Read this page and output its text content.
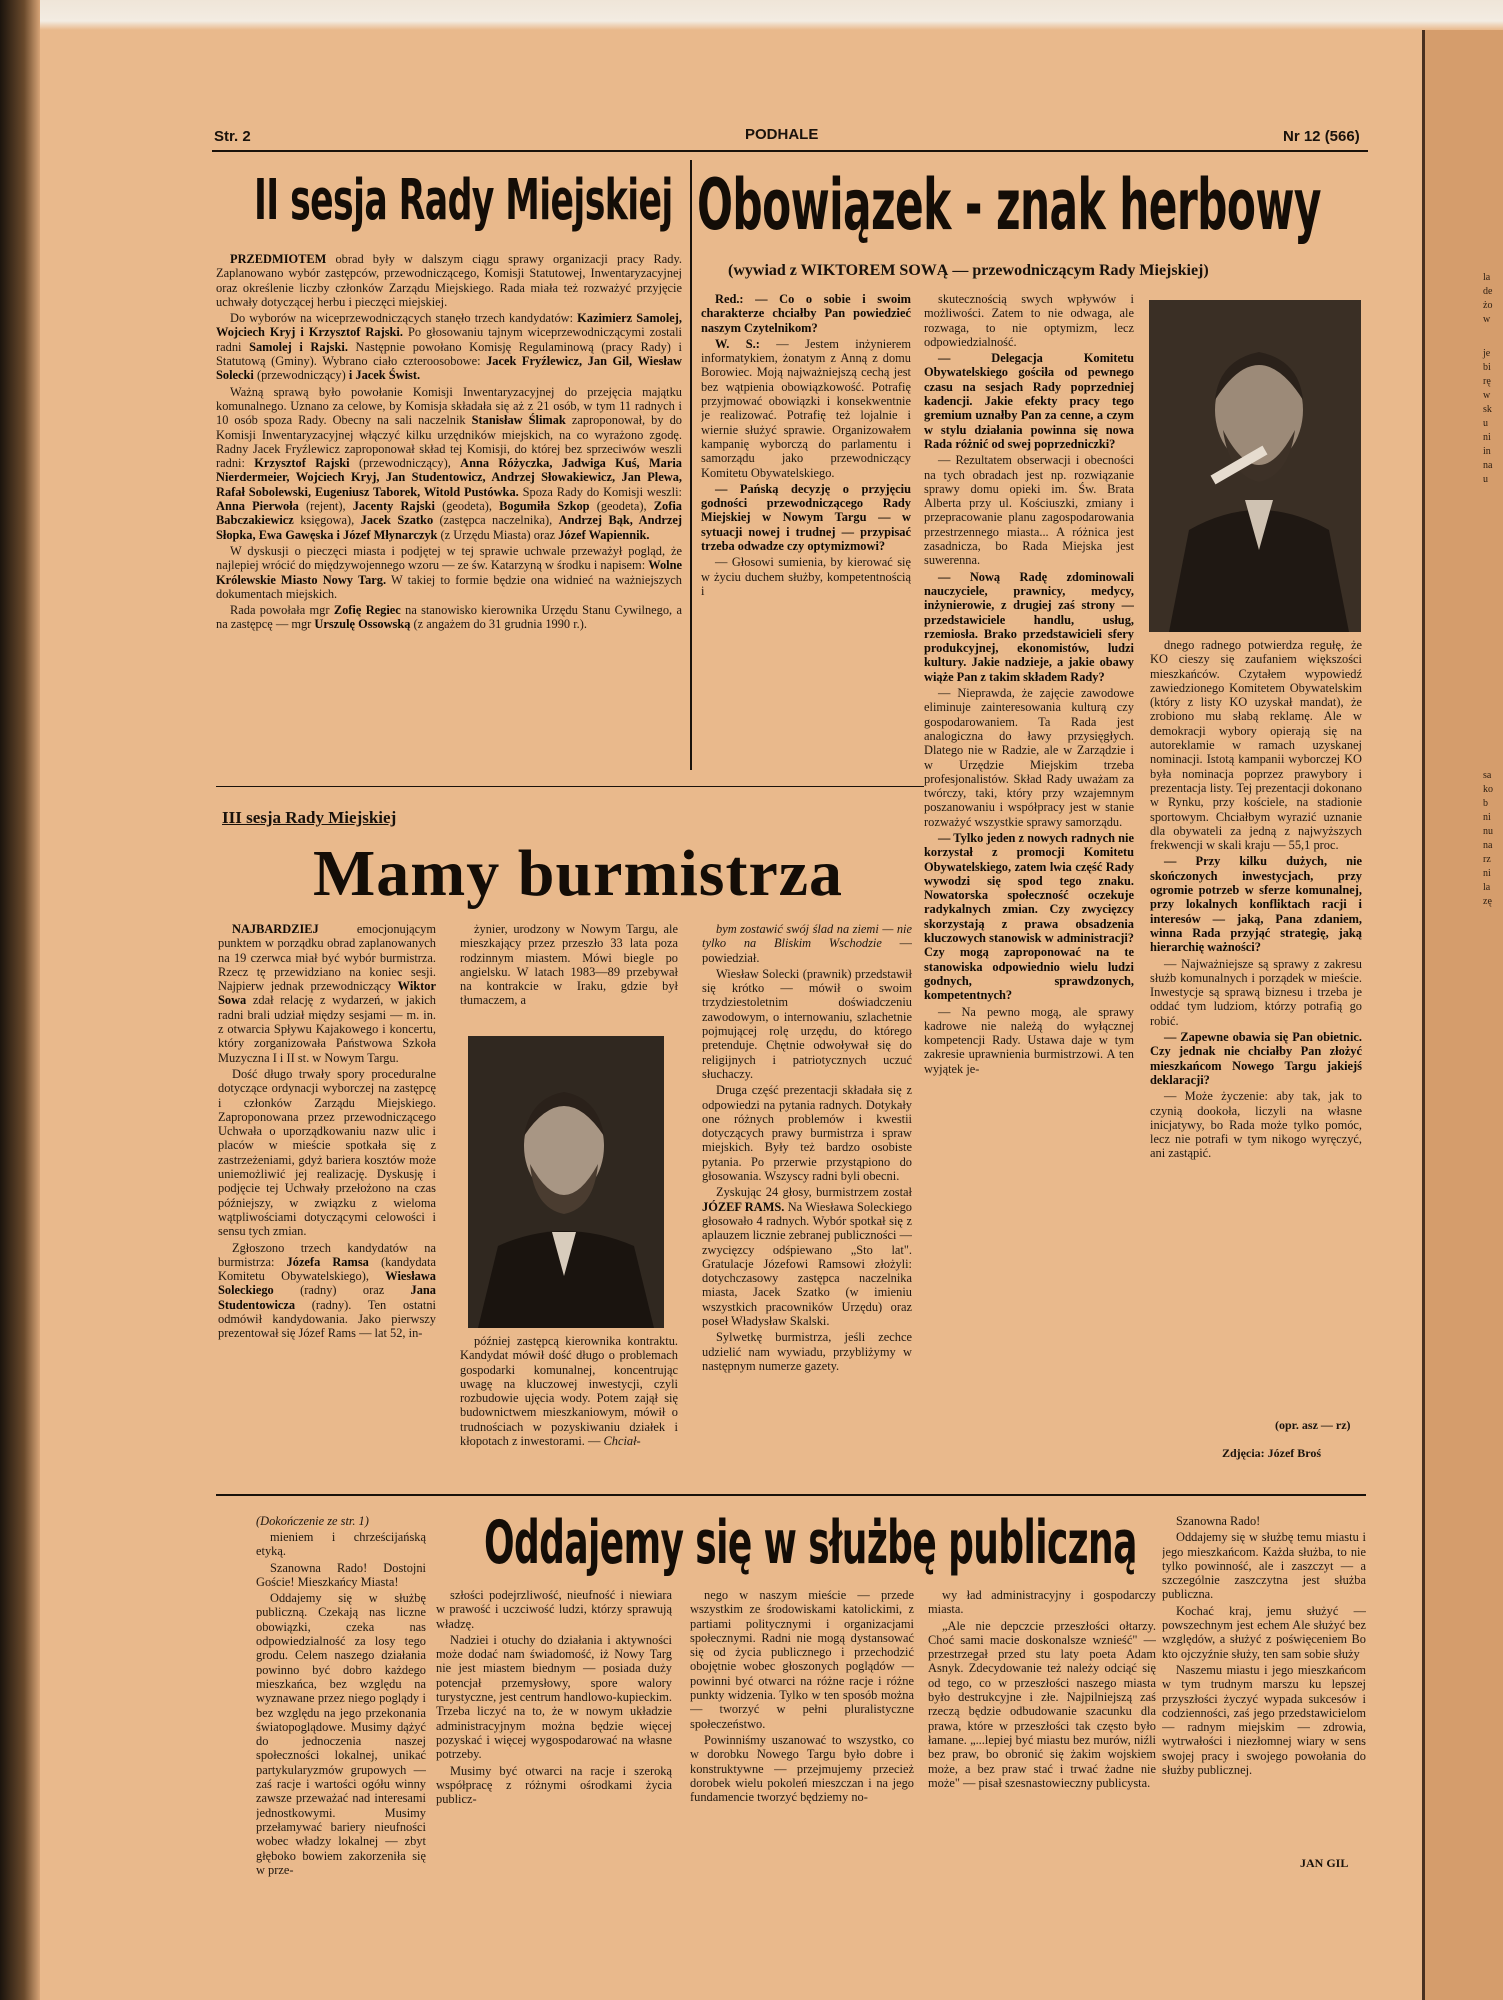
Str. 2	PODHALE	Nr 12 (566)
II sesja Rady Miejskiej

PRZEDMIOTEM obrad były w dalszym ciągu sprawy organizacji pracy Rady. Zaplanowano wybór zastępców, przewodniczącego, Komisji Statutowej, Inwentaryzacyjnej oraz określenie liczby członków Zarządu Miejskiego. Rada miała też rozważyć przyjęcie uchwały dotyczącej herbu i pieczęci miejskiej.

Do wyborów na wiceprzewodniczących stanęło trzech kandydatów: Kazimierz Samolej, Wojciech Kryj i Krzysztof Rajski. Po głosowaniu tajnym wiceprzewodniczącymi zostali radni Samolej i Rajski. Następnie powołano Komisję Regulaminową (pracy Rady) i Statutową (Gminy). Wybrano ciało czteroosobowe: Jacek Fryźlewicz, Jan Gil, Wiesław Solecki (przewodniczący) i Jacek Świst.

Ważną sprawą było powołanie Komisji Inwentaryzacyjnej do przejęcia majątku komunalnego. Uznano za celowe, by Komisja składała się aż z 21 osób, w tym 11 radnych i 10 osób spoza Rady. Obecny na sali naczelnik Stanisław Ślimak zaproponował, by do Komisji Inwentaryzacyjnej włączyć kilku urzędników miejskich, na co wyrażono zgodę. Radny Jacek Fryźlewicz zaproponował skład tej Komisji, do której bez sprzeciwów weszli radni: Krzysztof Rajski (przewodniczący), Anna Różyczka, Jadwiga Kuś, Maria Nierdermeier, Wojciech Kryj, Jan Studentowicz, Andrzej Słowakiewicz, Jan Plewa, Rafał Sobolewski, Eugeniusz Taborek, Witold Pustówka. Spoza Rady do Komisji weszli: Anna Pierwoła (rejent), Jacenty Rajski (geodeta), Bogumiła Szkop (geodeta), Zofia Babczakiewicz księgowa), Jacek Szatko (zastępca naczelnika), Andrzej Bąk, Andrzej Słopka, Ewa Gawęska i Józef Młynarczyk (z Urzędu Miasta) oraz Józef Wapiennik.

W dyskusji o pieczęci miasta i podjętej w tej sprawie uchwale przeważył pogląd, że najlepiej wrócić do międzywojennego wzoru — ze św. Katarzyną w środku i napisem: Wolne Królewskie Miasto Nowy Targ. W takiej to formie będzie ona widnieć na ważniejszych dokumentach miejskich.

Rada powołała mgr Zofię Regiec na stanowisko kierownika Urzędu Stanu Cywilnego, a na zastępcę — mgr Urszulę Ossowską (z angażem do 31 grudnia 1990 r.).

Obowiązek - znak herbowy
(wywiad z WIKTOREM SOWĄ — przewodniczącym Rady Miejskiej)

Red.: — Co o sobie i swoim charakterze chciałby Pan powiedzieć naszym Czytelnikom?

W. S.: — Jestem inżynierem informatykiem, żonatym z Anną z domu Borowiec. Moją najważniejszą cechą jest bez wątpienia obowiązkowość. Potrafię przyjmować obowiązki i konsekwentnie je realizować. Potrafię też lojalnie i wiernie służyć sprawie. Organizowałem kampanię wyborczą do parlamentu i samorządu jako przewodniczący Komitetu Obywatelskiego.

— Pańską decyzję o przyjęciu godności przewodniczącego Rady Miejskiej w Nowym Targu — w sytuacji nowej i trudnej — przypisać trzeba odwadze czy optymizmowi?

— Głosowi sumienia, by kierować się w życiu duchem służby, kompetentnością i

skutecznością swych wpływów i możliwości. Zatem to nie odwaga, ale rozwaga, to nie optymizm, lecz odpowiedzialność.

— Delegacja Komitetu Obywatelskiego gościła od pewnego czasu na sesjach Rady poprzedniej kadencji. Jakie efekty pracy tego gremium uznałby Pan za cenne, a czym w stylu działania powinna się nowa Rada różnić od swej poprzedniczki?

— Rezultatem obserwacji i obecności na tych obradach jest np. rozwiązanie sprawy domu opieki im. Św. Brata Alberta przy ul. Kościuszki, zmiany i przepracowanie planu zagospodarowania przestrzennego miasta... A różnica jest zasadnicza, bo Rada Miejska jest suwerenna.

— Nową Radę zdominowali nauczyciele, prawnicy, medycy, inżynierowie, z drugiej zaś strony — przedstawiciele handlu, usług, rzemiosła. Brako przedstawicieli sfery produkcyjnej, ekonomistów, ludzi kultury. Jakie nadzieje, a jakie obawy wiąże Pan z takim składem Rady?

— Nieprawda, że zajęcie zawodowe eliminuje zainteresowania kulturą czy gospodarowaniem. Ta Rada jest analogiczna do ławy przysięgłych. Dlatego nie w Radzie, ale w Zarządzie i w Urzędzie Miejskim trzeba profesjonalistów. Skład Rady uważam za twórczy, taki, który przy wzajemnym poszanowaniu i współpracy jest w stanie rozważyć wszystkie sprawy samorządu.

— Tylko jeden z nowych radnych nie korzystał z promocji Komitetu Obywatelskiego, zatem lwia część Rady wywodzi się spod tego znaku. Nowatorska społeczność oczekuje radykalnych zmian. Czy zwycięzcy skorzystają z prawa obsadzenia kluczowych stanowisk w administracji? Czy mogą zaproponować na te stanowiska odpowiednio wielu ludzi godnych, sprawdzonych, kompetentnych?

— Na pewno mogą, ale sprawy kadrowe nie należą do wyłącznej kompetencji Rady. Ustawa daje w tym zakresie uprawnienia burmistrzowi. A ten wyjątek je-

dnego radnego potwierdza regułę, że KO cieszy się zaufaniem większości mieszkańców. Czytałem wypowiedź zawiedzionego Komitetem Obywatelskim (który z listy KO uzyskał mandat), że zrobiono mu słabą reklamę. Ale w demokracji wybory opierają się na autoreklamie w ramach uzyskanej nominacji. Istotą kampanii wyborczej KO była nominacja poprzez prawybory i prezentacja listy. Tej prezentacji dokonano w Rynku, przy kościele, na stadionie sportowym. Chciałbym wyrazić uznanie dla obywateli za jedną z najwyższych frekwencji w skali kraju — 55,1 proc.

— Przy kilku dużych, nie skończonych inwestycjach, przy ogromie potrzeb w sferze komunalnej, przy lokalnych konfliktach racji i interesów — jaką, Pana zdaniem, winna Rada przyjąć strategię, jaką hierarchię ważności?

— Najważniejsze są sprawy z zakresu służb komunalnych i porządek w mieście. Inwestycje są sprawą biznesu i trzeba je oddać tym ludziom, którzy potrafią go robić.

— Zapewne obawia się Pan obietnic. Czy jednak nie chciałby Pan złożyć mieszkańcom Nowego Targu jakiejś deklaracji?

— Może życzenie: aby tak, jak to czynią dookoła, liczyli na własne inicjatywy, bo Rada może tylko pomóc, lecz nie potrafi w tym nikogo wyręczyć, ani zastąpić.

(opr. asz — rz)
Zdjęcia: Józef Broś
III sesja Rady Miejskiej
Mamy burmistrza

NAJBARDZIEJ emocjonującym punktem w porządku obrad zaplanowanych na 19 czerwca miał być wybór burmistrza. Rzecz tę przewidziano na koniec sesji. Najpierw jednak przewodniczący Wiktor Sowa zdał relację z wydarzeń, w jakich radni brali udział między sesjami — m. in. z otwarcia Spływu Kajakowego i koncertu, który zorganizowała Państwowa Szkoła Muzyczna I i II st. w Nowym Targu.

Dość długo trwały spory proceduralne dotyczące ordynacji wyborczej na zastępcę i członków Zarządu Miejskiego. Zaproponowana przez przewodniczącego Uchwała o uporządkowaniu nazw ulic i placów w mieście spotkała się z zastrzeżeniami, gdyż bariera kosztów może uniemożliwić jej realizację. Dyskusję i podjęcie tej Uchwały przełożono na czas późniejszy, w związku z wieloma wątpliwościami dotyczącymi celowości i sensu tych zmian.

Zgłoszono trzech kandydatów na burmistrza: Józefa Ramsa (kandydata Komitetu Obywatelskiego), Wiesława Soleckiego (radny) oraz Jana Studentowicza (radny). Ten ostatni odmówił kandydowania. Jako pierwszy prezentował się Józef Rams — lat 52, in-

żynier, urodzony w Nowym Targu, ale mieszkający przez przeszło 33 lata poza rodzinnym miastem. Mówi biegle po angielsku. W latach 1983—89 przebywał na kontrakcie w Iraku, gdzie był tłumaczem, a

później zastępcą kierownika kontraktu. Kandydat mówił dość długo o problemach gospodarki komunalnej, koncentrując uwagę na kluczowej inwestycji, czyli rozbudowie ujęcia wody. Potem zajął się budownictwem mieszkaniowym, mówił o trudnościach w pozyskiwaniu działek i kłopotach z inwestorami. — Chciał-

bym zostawić swój ślad na ziemi — nie tylko na Bliskim Wschodzie — powiedział.

Wiesław Solecki (prawnik) przedstawił się krótko — mówił o swoim trzydziestoletnim doświadczeniu zawodowym, o internowaniu, szlachetnie pojmującej rolę urzędu, do którego pretenduje. Chętnie odwoływał się do religijnych i patriotycznych uczuć słuchaczy.

Druga część prezentacji składała się z odpowiedzi na pytania radnych. Dotykały one różnych problemów i kwestii dotyczących prawy burmistrza i spraw miejskich. Były też bardzo osobiste pytania. Po przerwie przystąpiono do głosowania. Wszyscy radni byli obecni.

Zyskując 24 głosy, burmistrzem został JÓZEF RAMS. Na Wiesława Soleckiego głosowało 4 radnych. Wybór spotkał się z aplauzem licznie zebranej publiczności — zwycięzcy odśpiewano „Sto lat". Gratulacje Józefowi Ramsowi złożyli: dotychczasowy zastępca naczelnika miasta, Jacek Szatko (w imieniu wszystkich pracowników Urzędu) oraz poseł Władysław Skalski.

Sylwetkę burmistrza, jeśli zechce udzielić nam wywiadu, przybliżymy w następnym numerze gazety.

Oddajemy się w służbę publiczną
(Dokończenie ze str. 1)

mieniem i chrześcijańską etyką.

Szanowna Rado! Dostojni Goście! Mieszkańcy Miasta!

Oddajemy się w służbę publiczną. Czekają nas liczne obowiązki, czeka nas odpowiedzialność za losy tego grodu. Celem naszego działania powinno być dobro każdego mieszkańca, bez względu na wyznawane przez niego poglądy i bez względu na jego przekonania światopoglądowe. Musimy dążyć do jednoczenia naszej społeczności lokalnej, unikać partykularyzmów grupowych — zaś racje i wartości ogółu winny zawsze przeważać nad interesami jednostkowymi. Musimy przełamywać bariery nieufności wobec władzy lokalnej — zbyt głęboko bowiem zakorzeniła się w prze-

szłości podejrzliwość, nieufność i niewiara w prawość i uczciwość ludzi, którzy sprawują władzę.

Nadziei i otuchy do działania i aktywności może dodać nam świadomość, iż Nowy Targ nie jest miastem biednym — posiada duży potencjał przemysłowy, spore walory turystyczne, jest centrum handlowo-kupieckim. Trzeba liczyć na to, że w nowym układzie administracyjnym można będzie więcej pozyskać i więcej wygospodarować na własne potrzeby.

Musimy być otwarci na racje i szeroką współpracę z różnymi ośrodkami życia publicz-

nego w naszym mieście — przede wszystkim ze środowiskami katolickimi, z partiami politycznymi i organizacjami społecznymi. Radni nie mogą dystansować się od życia publicznego i przechodzić obojętnie wobec głoszonych poglądów — powinni być otwarci na różne racje i różne punkty widzenia. Tylko w ten sposób można — tworzyć w pełni pluralistyczne społeczeństwo.

Powinniśmy uszanować to wszystko, co w dorobku Nowego Targu było dobre i konstruktywne — przejmujemy przecież dorobek wielu pokoleń mieszczan i na jego fundamencie tworzyć będziemy no-

wy ład administracyjny i gospodarczy miasta.

„Ale nie depczcie przeszłości ołtarzy. Choć sami macie doskonalsze wznieść" — przestrzegał przed stu laty poeta Adam Asnyk. Zdecydowanie też należy odciąć się od tego, co w przeszłości naszego miasta było destrukcyjne i złe. Najpilniejszą zaś rzeczą będzie odbudowanie szacunku dla prawa, które w przeszłości tak często było łamane. „...lepiej być miastu bez murów, niźli bez praw, bo obronić się żakim wojskiem może, a bez praw stać i trwać żadne nie może" — pisał szesnastowieczny publicysta.

Szanowna Rado!

Oddajemy się w służbę temu miastu i jego mieszkańcom. Każda służba, to nie tylko powinność, ale i zaszczyt — a szczególnie zaszczytna jest służba publiczna.

Kochać kraj, jemu służyć — powszechnym jest echem Ale służyć bez względów, a służyć z poświęceniem Bo kto ojczyźnie służy, ten sam sobie służy

Naszemu miastu i jego mieszkańcom w tym trudnym marszu ku lepszej przyszłości życzyć wypada sukcesów i codzienności, zaś jego przedstawicielom — radnym miejskim — zdrowia, wytrwałości i niezłomnej wiary w sens swojej pracy i swojego powołania do służby publicznej.

JAN GIL
la
de
żo
w
je
bi
rę
w
sk
u
ni
in
na
u
sa
ko
b
ni
nu
na
rz
ni
la
zę
